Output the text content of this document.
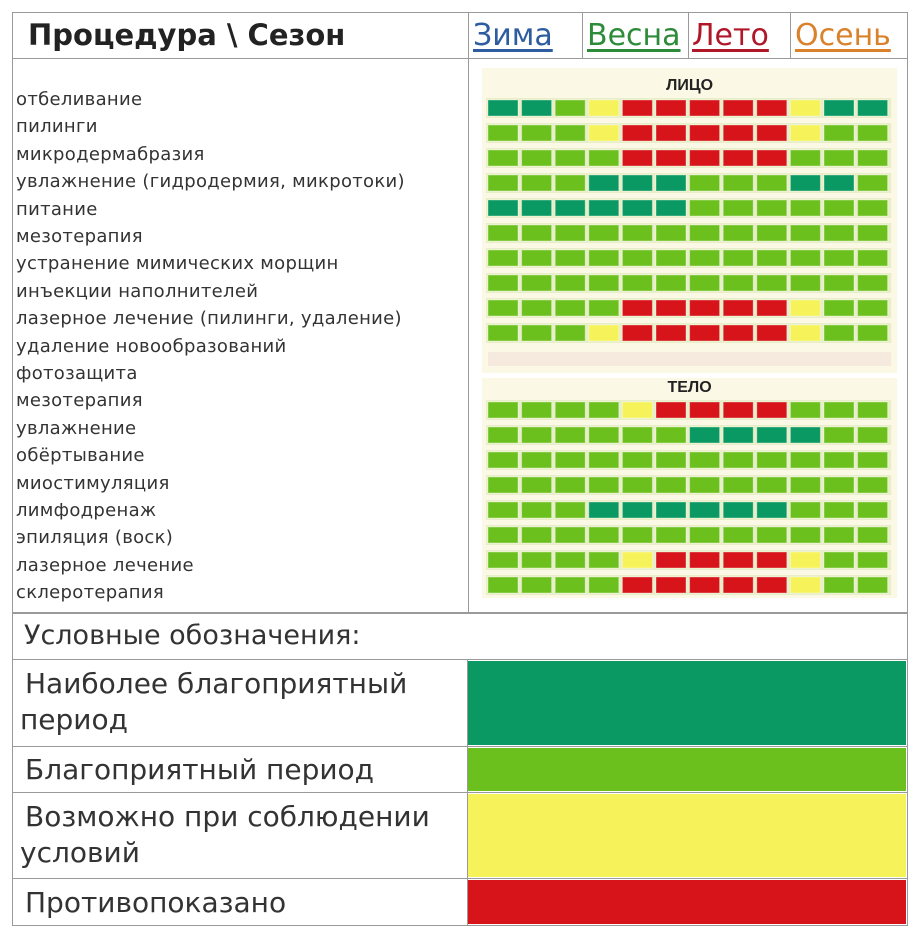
Процедура \ Сезон	Зима Весна Лето Осень
отбеливание
пилинги
микродермабразия
увлажнение (гидродермия, микротоки)
питание
мезотерапия
устранение мимических морщин
инъекции наполнителей
лазерное лечение (пилинги, удаление)
удаление новообразований
фотозащита
мезотерапия
увлажнение
обёртывание
миостимуляция
лимфодренаж
эпиляция (воск)
лазерное лечение
склеротерапия
ЛИЦО
ТЕЛО
Условные обозначения:
Наиболее благоприятный
период
Благоприятный период
Возможно при соблюдении
условий
Противопоказано
